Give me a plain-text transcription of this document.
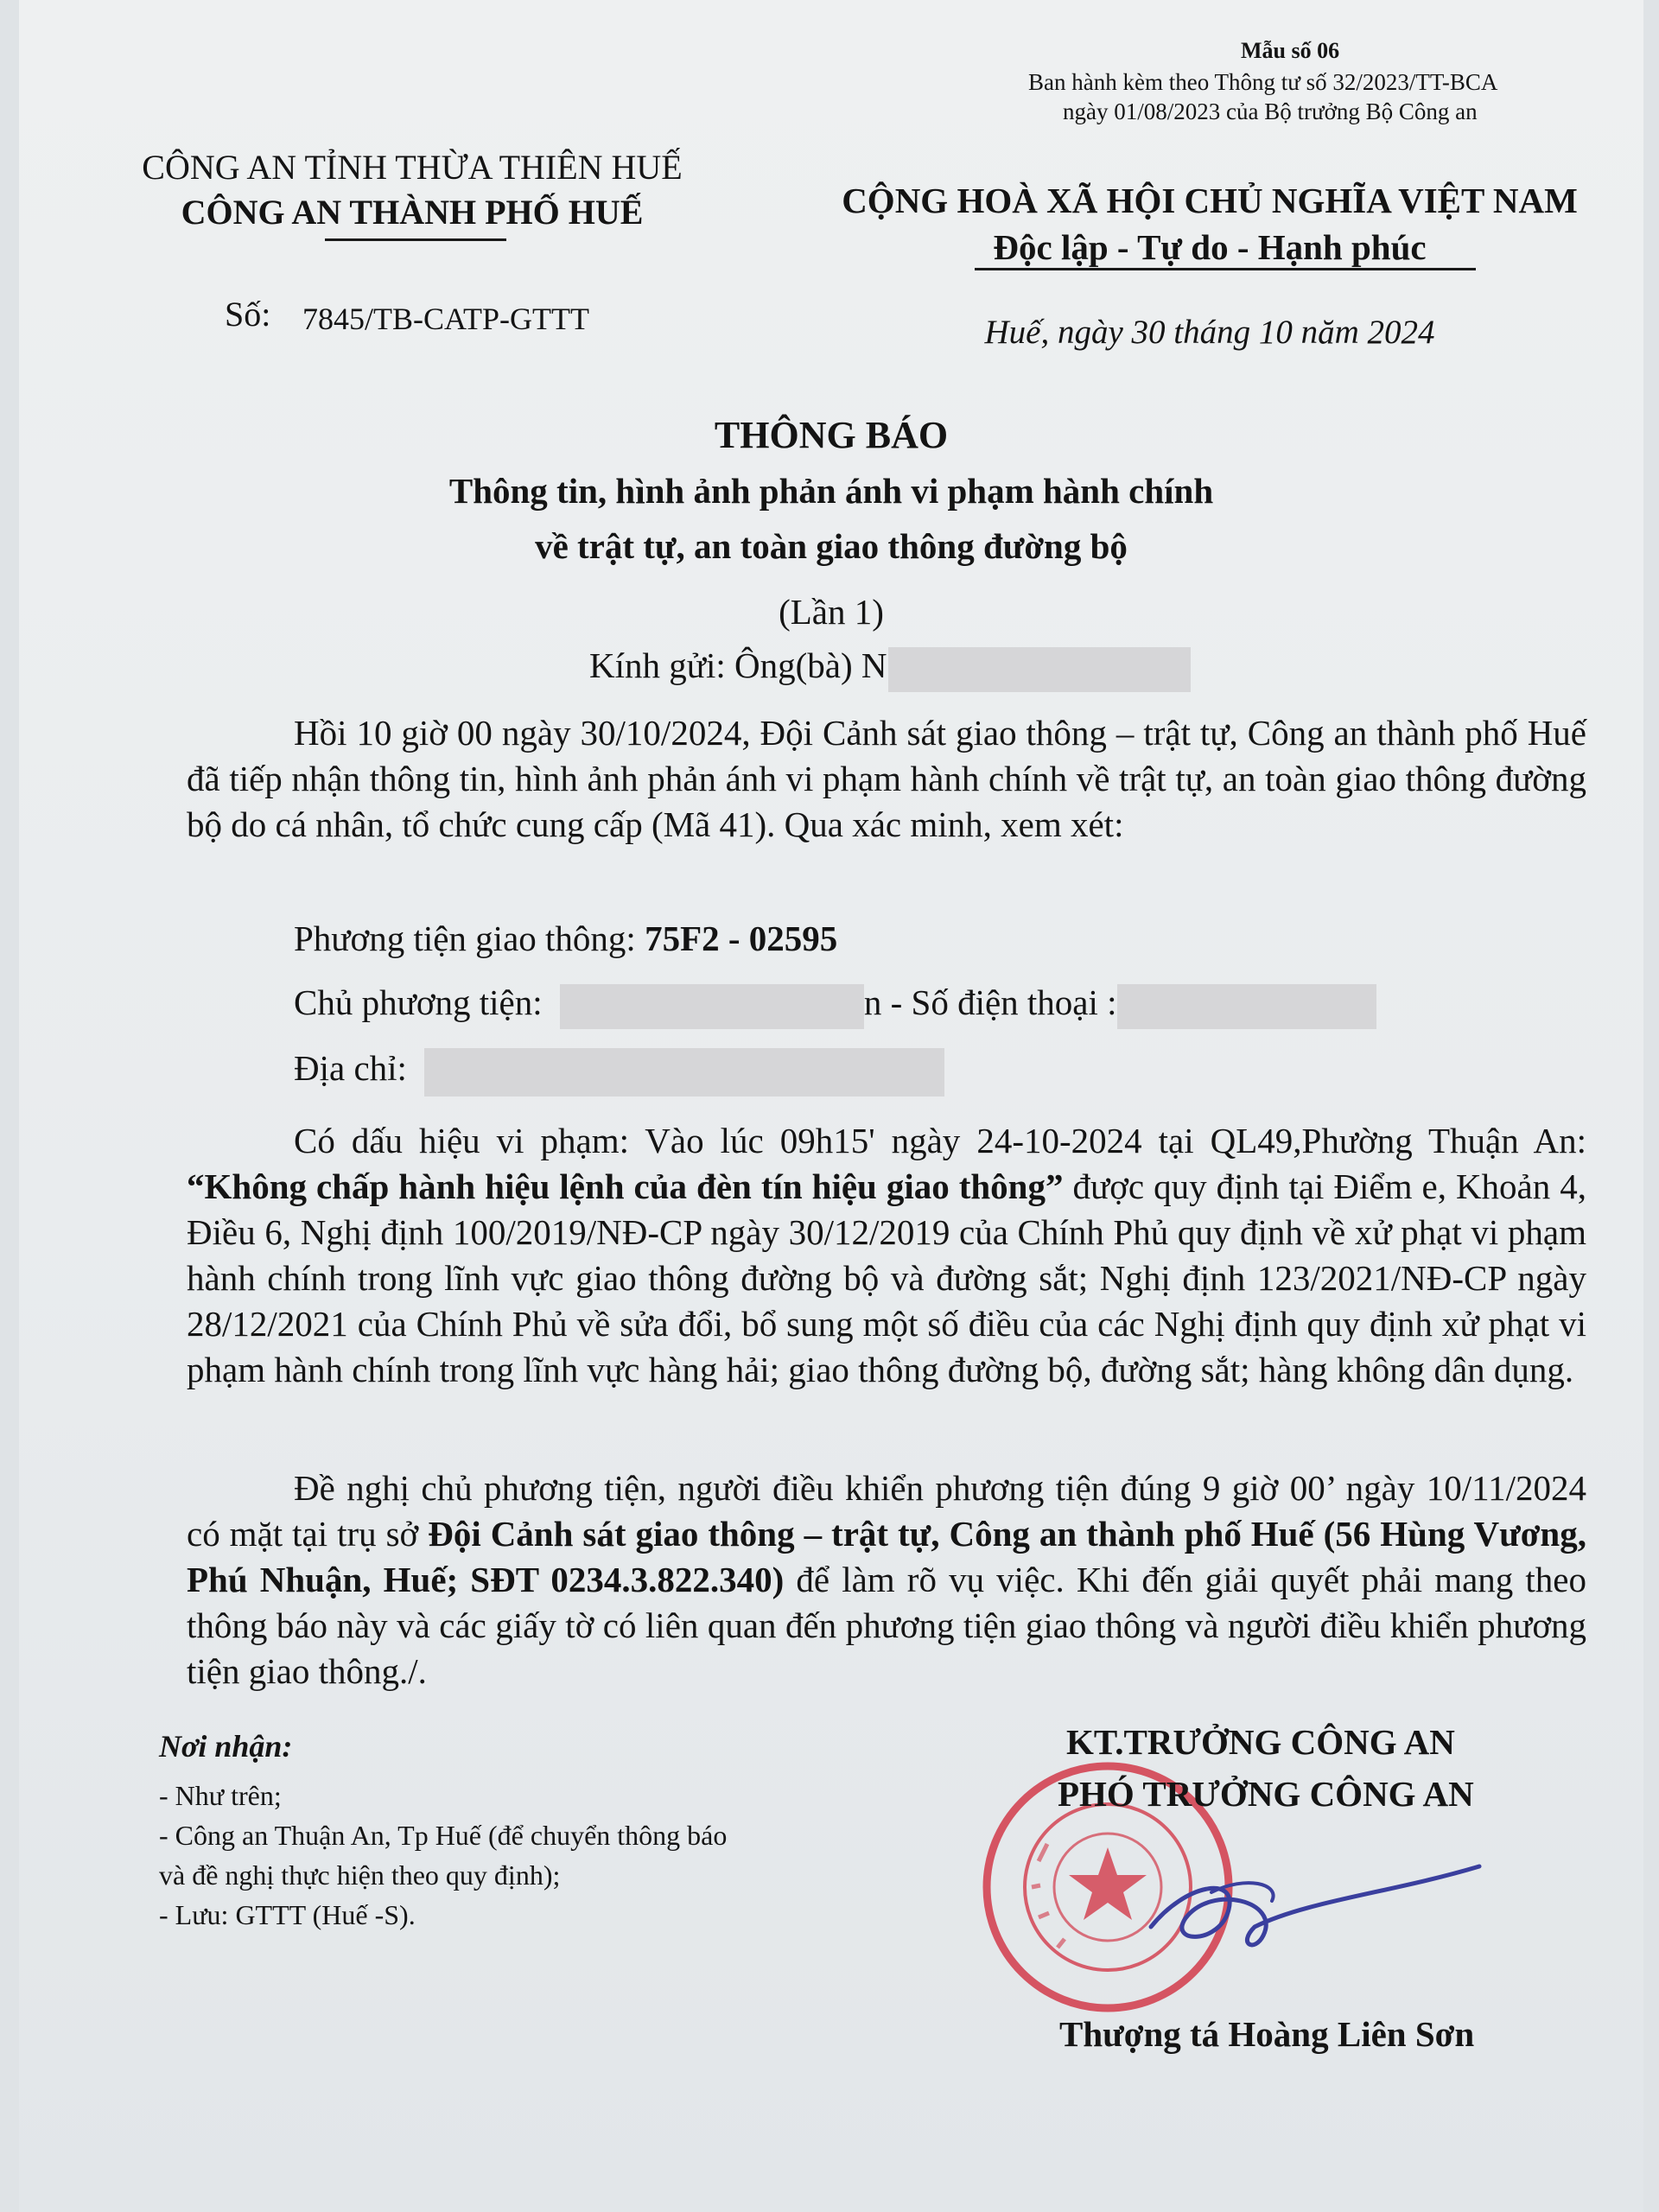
Mẫu số 06
Ban hành kèm theo Thông tư số 32/2023/TT-BCA
ngày 01/08/2023 của Bộ trưởng Bộ Công an
CÔNG AN TỈNH THỪA THIÊN HUẾ
CÔNG AN THÀNH PHỐ HUẾ
Số: 7845/TB-CATP-GTTT
CỘNG HOÀ XÃ HỘI CHỦ NGHĨA VIỆT NAM
Độc lập - Tự do - Hạnh phúc
Huế, ngày 30 tháng 10 năm 2024
THÔNG BÁO
Thông tin, hình ảnh phản ánh vi phạm hành chính
về trật tự, an toàn giao thông đường bộ
(Lần 1)
Kính gửi: Ông(bà) N
Hồi 10 giờ 00 ngày 30/10/2024, Đội Cảnh sát giao thông – trật tự, Công an thành phố Huế đã tiếp nhận thông tin, hình ảnh phản ánh vi phạm hành chính về trật tự, an toàn giao thông đường bộ do cá nhân, tổ chức cung cấp (Mã 41). Qua xác minh, xem xét:
Phương tiện giao thông: 75F2 - 02595
Chủ phương tiện:	n - Số điện thoại :
Địa chỉ:
Có dấu hiệu vi phạm: Vào lúc 09h15' ngày 24-10-2024 tại QL49,Phường Thuận An: “Không chấp hành hiệu lệnh của đèn tín hiệu giao thông” được quy định tại Điểm e, Khoản 4, Điều 6, Nghị định 100/2019/NĐ-CP ngày 30/12/2019 của Chính Phủ quy định về xử phạt vi phạm hành chính trong lĩnh vực giao thông đường bộ và đường sắt; Nghị định 123/2021/NĐ-CP ngày 28/12/2021 của Chính Phủ về sửa đổi, bổ sung một số điều của các Nghị định quy định xử phạt vi phạm hành chính trong lĩnh vực hàng hải; giao thông đường bộ, đường sắt; hàng không dân dụng.
Đề nghị chủ phương tiện, người điều khiển phương tiện đúng 9 giờ 00’ ngày 10/11/2024 có mặt tại trụ sở Đội Cảnh sát giao thông – trật tự, Công an thành phố Huế (56 Hùng Vương, Phú Nhuận, Huế; SĐT 0234.3.822.340) để làm rõ vụ việc. Khi đến giải quyết phải mang theo thông báo này và các giấy tờ có liên quan đến phương tiện giao thông và người điều khiển phương tiện giao thông./.
Nơi nhận:
- Như trên;
- Công an Thuận An, Tp Huế (để chuyển thông báo
và đề nghị thực hiện theo quy định);
- Lưu: GTTT (Huế -S).
KT.TRƯỞNG CÔNG AN
PHÓ TRƯỞNG CÔNG AN
Thượng tá Hoàng Liên Sơn
